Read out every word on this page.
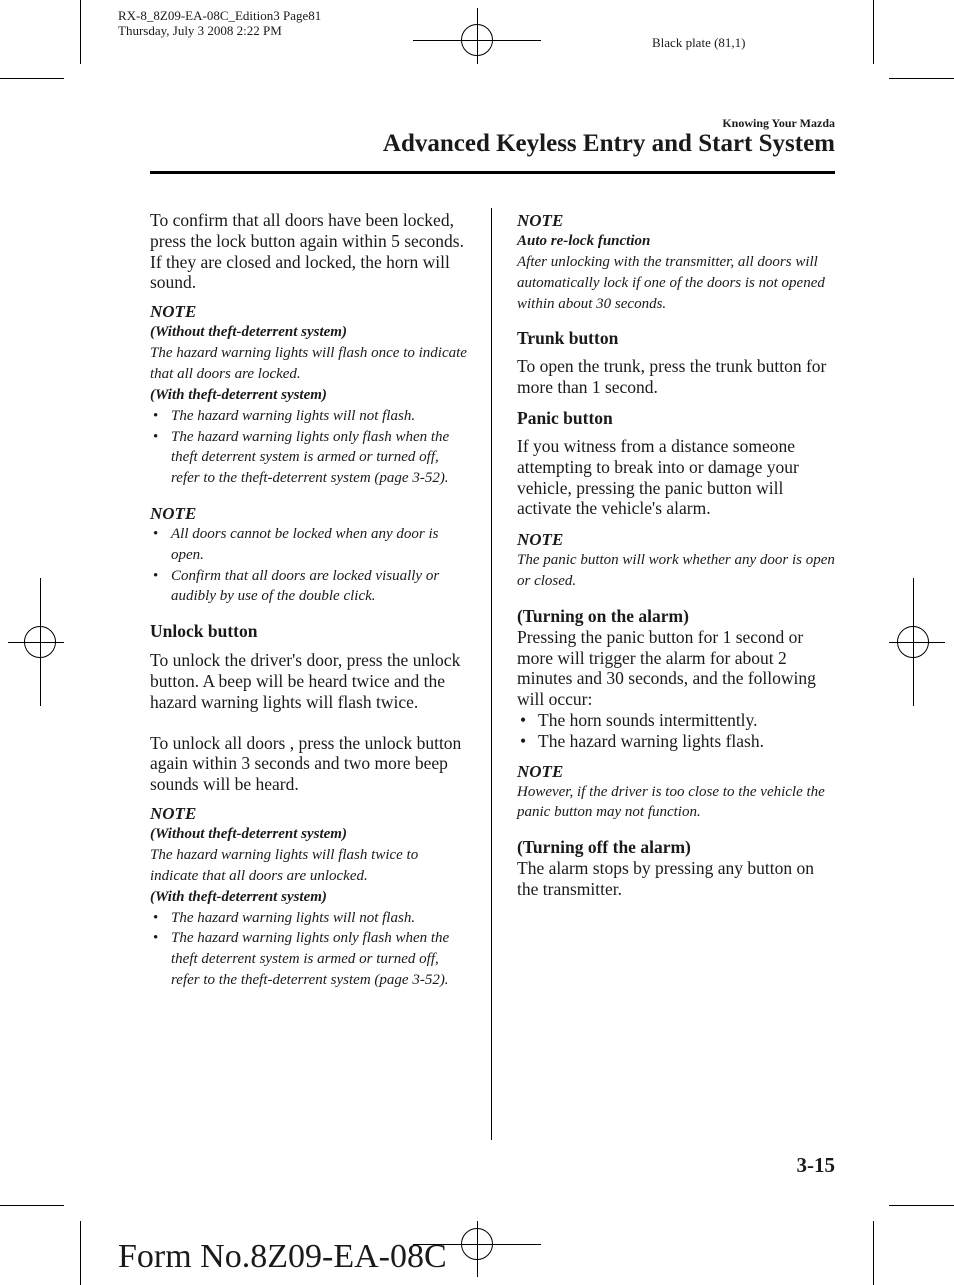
RX-8_8Z09-EA-08C_Edition3 Page81
Thursday, July 3 2008 2:22 PM
Black plate (81,1)
Knowing Your Mazda
Advanced Keyless Entry and Start System

To confirm that all doors have been locked, press the lock button again within 5 seconds. If they are closed and locked, the horn will sound.

NOTE

(Without theft-deterrent system)

The hazard warning lights will flash once to indicate that all doors are locked.

(With theft-deterrent system)

• The hazard warning lights will not flash.
• The hazard warning lights only flash when the theft deterrent system is armed or turned off, refer to the theft-deterrent system (page 3-52).

NOTE

• All doors cannot be locked when any door is open.
• Confirm that all doors are locked visually or audibly by use of the double click.

Unlock button

To unlock the driver's door, press the unlock button. A beep will be heard twice and the hazard warning lights will flash twice.

To unlock all doors , press the unlock button again within 3 seconds and two more beep sounds will be heard.

NOTE

(Without theft-deterrent system)

The hazard warning lights will flash twice to indicate that all doors are unlocked.

(With theft-deterrent system)

• The hazard warning lights will not flash.
• The hazard warning lights only flash when the theft deterrent system is armed or turned off, refer to the theft-deterrent system (page 3-52).

NOTE

Auto re-lock function

After unlocking with the transmitter, all doors will automatically lock if one of the doors is not opened within about 30 seconds.

Trunk button

To open the trunk, press the trunk button for more than 1 second.

Panic button

If you witness from a distance someone attempting to break into or damage your vehicle, pressing the panic button will activate the vehicle's alarm.

NOTE

The panic button will work whether any door is open or closed.

(Turning on the alarm)

Pressing the panic button for 1 second or more will trigger the alarm for about 2 minutes and 30 seconds, and the following will occur:

• The horn sounds intermittently.
• The hazard warning lights flash.

NOTE

However, if the driver is too close to the vehicle the panic button may not function.

(Turning off the alarm)

The alarm stops by pressing any button on the transmitter.

3-15
Form No.8Z09-EA-08C
